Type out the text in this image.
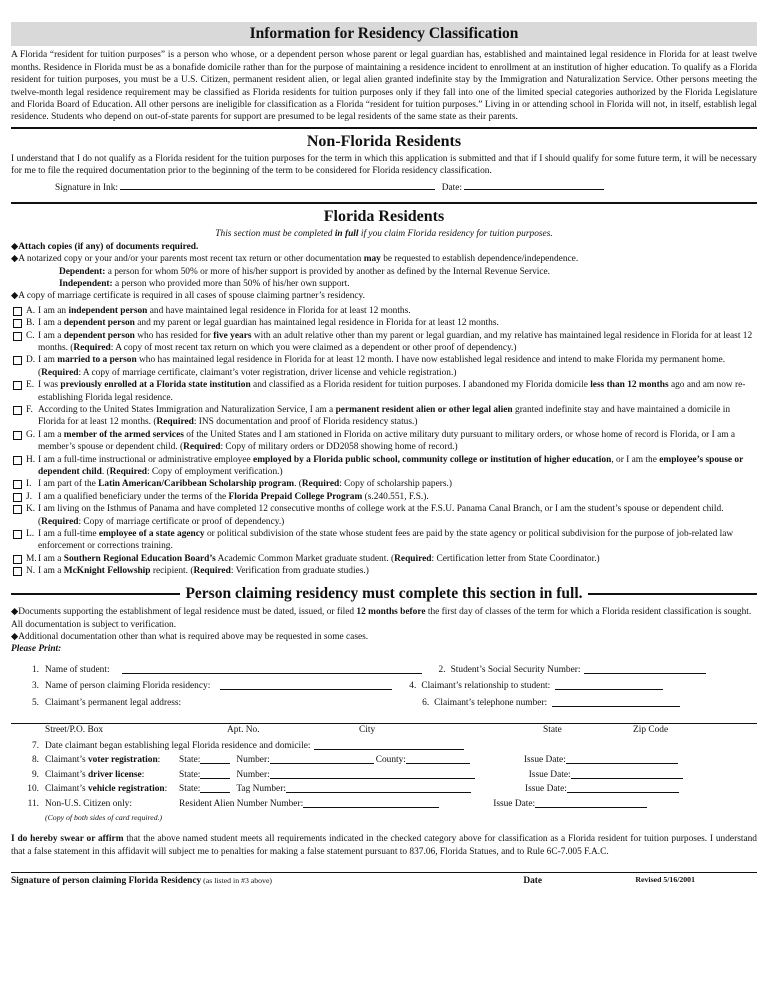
Information for Residency Classification

A Florida “resident for tuition purposes” is a person who whose, or a dependent person whose parent or legal guardian has, established and maintained legal residence in Florida for at least twelve months. Residence in Florida must be as a bonafide domicile rather than for the purpose of maintaining a residence incident to enrollment at an institution of higher education. To qualify as a Florida resident for tuition purposes, you must be a U.S. Citizen, permanent resident alien, or legal alien granted indefinite stay by the Immigration and Naturalization Service. Other persons meeting the twelve-month legal residence requirement may be classified as Florida residents for tuition purposes only if they fall into one of the limited special categories authorized by the Florida Legislature and Florida Board of Education. All other persons are ineligible for classification as a Florida “resident for tuition purposes.” Living in or attending school in Florida will not, in itself, establish legal residence. Students who depend on out-of-state parents for support are presumed to be legal residents of the same state as their parents.

Non-Florida Residents

I understand that I do not qualify as a Florida resident for the tuition purposes for the term in which this application is submitted and that if I should qualify for some future term, it will be necessary for me to file the required documentation prior to the beginning of the term to be considered for Florida residency classification.

Signature in Ink:	Date:
Florida Residents
This section must be completed in full if you claim Florida residency for tuition purposes.
◆Attach copies (if any) of documents required.
◆A notarized copy or your and/or your parents most recent tax return or other documentation may be requested to establish dependence/independence.
Dependent: a person for whom 50% or more of his/her support is provided by another as defined by the Internal Revenue Service.
Independent: a person who provided more than 50% of his/her own support.
◆A copy of marriage certificate is required in all cases of spouse claiming partner’s residency.
A. I am an independent person and have maintained legal residence in Florida for at least 12 months.
B. I am a dependent person and my parent or legal guardian has maintained legal residence in Florida for at least 12 months.
C. I am a dependent person who has resided for five years with an adult relative other than my parent or legal guardian, and my relative has maintained legal residence in Florida for at least 12 months. (Required: A copy of most recent tax return on which you were claimed as a dependent or other proof of dependency.)
D. I am married to a person who has maintained legal residence in Florida for at least 12 month. I have now established legal residence and intend to make Florida my permanent home. (Required: A copy of marriage certificate, claimant’s voter registration, driver license and vehicle registration.)
E. I was previously enrolled at a Florida state institution and classified as a Florida resident for tuition purposes. I abandoned my Florida domicile less than 12 months ago and am now re-establishing Florida legal residence.
F. According to the United States Immigration and Naturalization Service, I am a permanent resident alien or other legal alien granted indefinite stay and have maintained a domicile in Florida for at least 12 months. (Required: INS documentation and proof of Florida residency status.)
G. I am a member of the armed services of the United States and I am stationed in Florida on active military duty pursuant to military orders, or whose home of record is Florida, or I am a member’s spouse or dependent child. (Required: Copy of military orders or DD2058 showing home of record.)
H. I am a full-time instructional or administrative employee employed by a Florida public school, community college or institution of higher education, or I am the employee’s spouse or dependent child. (Required: Copy of employment verification.)
I. I am part of the Latin American/Caribbean Scholarship program. (Required: Copy of scholarship papers.)
J. I am a qualified beneficiary under the terms of the Florida Prepaid College Program (s.240.551, F.S.).
K. I am living on the Isthmus of Panama and have completed 12 consecutive months of college work at the F.S.U. Panama Canal Branch, or I am the student’s spouse or dependent child. (Required: Copy of marriage certificate or proof of dependency.)
L. I am a full-time employee of a state agency or political subdivision of the state whose student fees are paid by the state agency or political subdivision for the purpose of job-related law enforcement or corrections training.
M. I am a Southern Regional Education Board’s Academic Common Market graduate student. (Required: Certification letter from State Coordinator.)
N. I am a McKnight Fellowship recipient. (Required: Verification from graduate studies.)
Person claiming residency must complete this section in full.
◆Documents supporting the establishment of legal residence must be dated, issued, or filed 12 months before the first day of classes of the term for which a Florida resident classification is sought. All documentation is subject to verification.
◆Additional documentation other than what is required above may be requested in some cases.
Please Print:
1. Name of student:	2. Student’s Social Security Number:
3. Name of person claiming Florida residency:	4. Claimant’s relationship to student:
5. Claimant’s permanent legal address:	6. Claimant’s telephone number:
Street/P.O. Box	Apt. No.	City	State	Zip Code
7. Date claimant began establishing legal Florida residence and domicile:
8. Claimant’s voter registration:	State:	Number:	County:	Issue Date:
9. Claimant’s driver license:	State:	Number:	Issue Date:
10. Claimant’s vehicle registration:	State:	Tag Number:	Issue Date:
11. Non-U.S. Citizen only:	Resident Alien Number Number:	Issue Date:
(Copy of both sides of card required.)

I do hereby swear or affirm that the above named student meets all requirements indicated in the checked category above for classification as a Florida resident for tuition purposes. I understand that a false statement in this affidavit will subject me to penalties for making a false statement pursuant to 837.06, Florida Statues, and to Rule 6C-7.005 F.A.C.

Signature of person claiming Florida Residency (as listed in #3 above)	Date	Revised 5/16/2001
